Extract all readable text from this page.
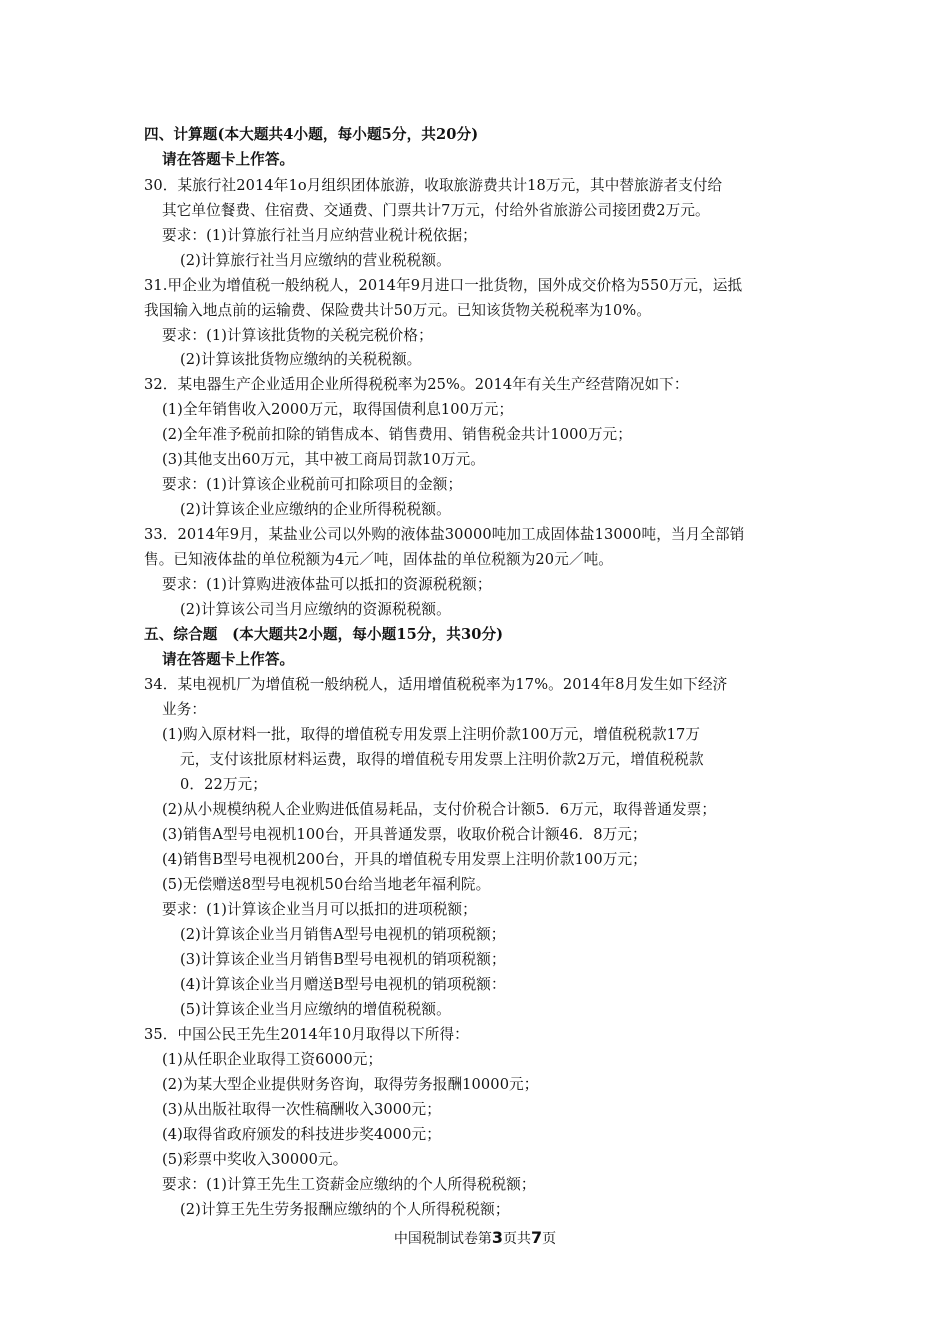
四、计算题(本大题共4小题，每小题5分，共20分)
请在答题卡上作答。
30．某旅行社2014年1o月组织团体旅游，收取旅游费共计18万元，其中替旅游者支付给
其它单位餐费、住宿费、交通费、门票共计7万元，付给外省旅游公司接团费2万元。
要求：(1)计算旅行社当月应纳营业税计税依据；
(2)计算旅行社当月应缴纳的营业税税额。
31.甲企业为增值税一般纳税人，2014年9月进口一批货物，国外成交价格为550万元，运抵
我国输入地点前的运输费、保险费共计50万元。已知该货物关税税率为10%。
要求：(1)计算该批货物的关税完税价格；
(2)计算该批货物应缴纳的关税税额。
32．某电器生产企业适用企业所得税税率为25%。2014年有关生产经营隋况如下：
(1)全年销售收入2000万元，取得国债利息100万元；
(2)全年准予税前扣除的销售成本、销售费用、销售税金共计1000万元；
(3)其他支出60万元，其中被工商局罚款10万元。
要求：(1)计算该企业税前可扣除项目的金额；
(2)计算该企业应缴纳的企业所得税税额。
33．2014年9月，某盐业公司以外购的液体盐30000吨加工成固体盐13000吨，当月全部销
售。已知液体盐的单位税额为4元／吨，固体盐的单位税额为20元／吨。
要求：(1)计算购进液体盐可以抵扣的资源税税额；
(2)计算该公司当月应缴纳的资源税税额。
五、综合题　(本大题共2小题，每小题15分，共30分)
请在答题卡上作答。
34．某电视机厂为增值税一般纳税人，适用增值税税率为17%。2014年8月发生如下经济
业务：
(1)购入原材料一批，取得的增值税专用发票上注明价款100万元，增值税税款17万
元，支付该批原材料运费，取得的增值税专用发票上注明价款2万元，增值税税款
0．22万元；
(2)从小规模纳税人企业购进低值易耗品，支付价税合计额5．6万元，取得普通发票；
(3)销售A型号电视机100台，开具普通发票，收取价税合计额46．8万元；
(4)销售B型号电视机200台，开具的增值税专用发票上注明价款100万元；
(5)无偿赠送8型号电视机50台给当地老年福利院。
要求：(1)计算该企业当月可以抵扣的进项税额；
(2)计算该企业当月销售A型号电视机的销项税额；
(3)计算该企业当月销售B型号电视机的销项税额；
(4)计算该企业当月赠送B型号电视机的销项税额：
(5)计算该企业当月应缴纳的增值税税额。
35．中国公民王先生2014年10月取得以下所得：
(1)从任职企业取得工资6000元；
(2)为某大型企业提供财务咨询，取得劳务报酬10000元；
(3)从出版社取得一次性稿酬收入3000元；
(4)取得省政府颁发的科技进步奖4000元；
(5)彩票中奖收入30000元。
要求：(1)计算王先生工资薪金应缴纳的个人所得税税额；
(2)计算王先生劳务报酬应缴纳的个人所得税税额；
中国税制试卷第3页共7页
